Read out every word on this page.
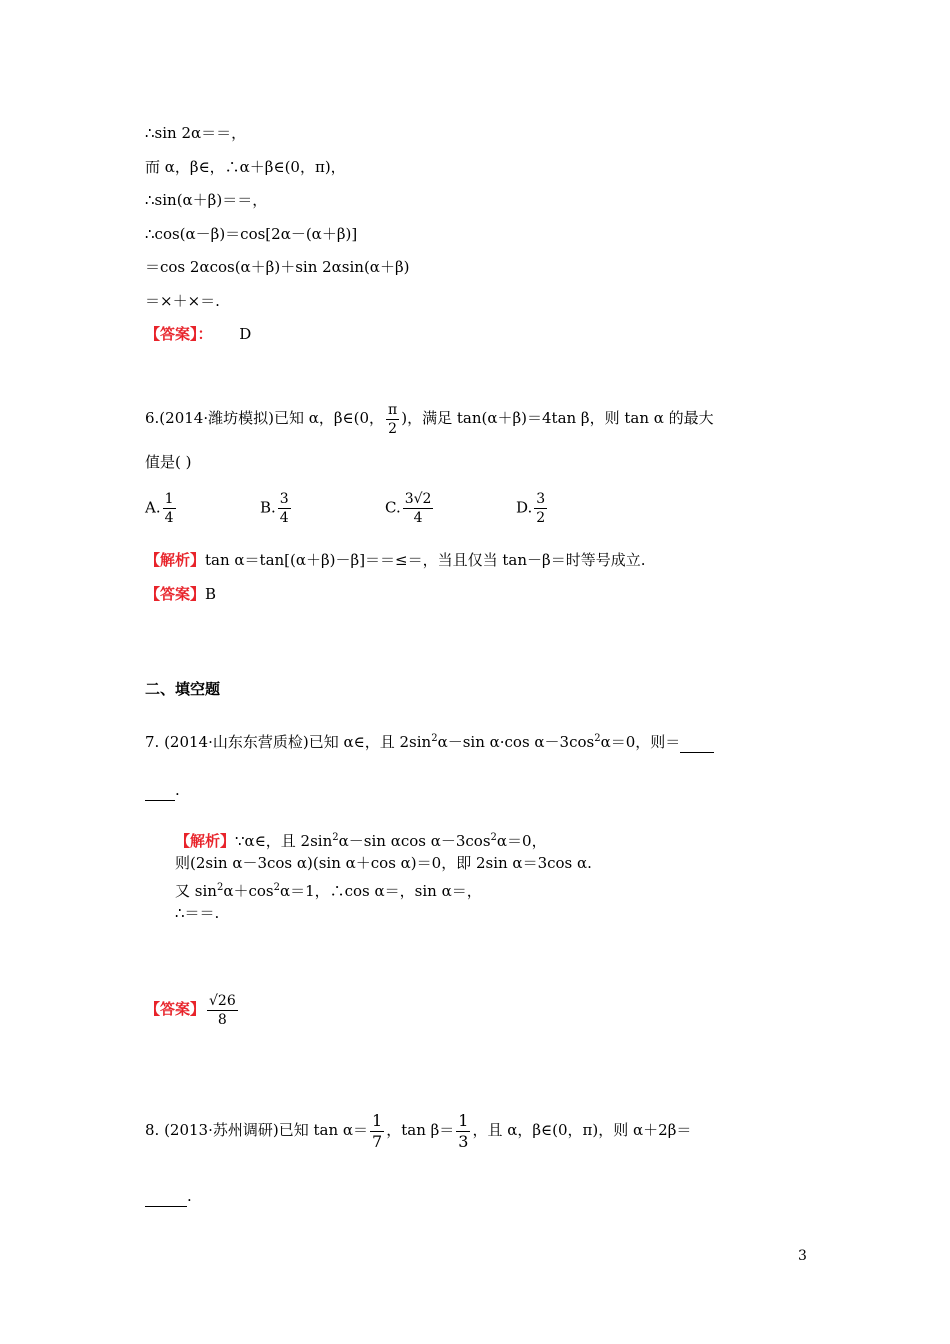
∴sin 2α＝＝，
而 α，β∈，∴α＋β∈(0，π)，
∴sin(α＋β)＝＝，
∴cos(α－β)＝cos[2α－(α＋β)]
＝cos 2αcos(α＋β)＋sin 2αsin(α＋β)
＝×＋×＝.
【答案】： D
6.(2014·潍坊模拟)已知 α，β∈(0， $\frac{\pi}{2}$ )，满足 tan(α＋β)＝4tan β，则 tan α 的最大
值是( )
A. $\frac{1}{4}$	B. $\frac{3}{4}$	C. $\frac{3√2}{4}$	D. $\frac{3}{2}$
【解析】tan α＝tan[(α＋β)－β]＝＝≤＝，当且仅当 tan－β＝时等号成立.
【答案】B
二、填空题
7. (2014·山东东营质检)已知 α∈，且 $2\sin^2\alpha-\sin$ α·cos $\alpha-3\cos^2\alpha=0$，则＝
.
【解析】∵α∈，且 $2\sin^2\alpha-\sin$ αcos $\alpha-3\cos^2\alpha=0$，
则(2sin α－3cos α)(sin α＋cos α)＝0，即 2sin α＝3cos α.
又 $\sin^2\alpha+\cos^2\alpha=1$，∴cos α＝，sin α＝，
∴＝＝.
【答案】 $\frac{√26}{8}$
8. (2013·苏州调研)已知 $\tan \alpha= \frac{1}{7}$ ，$\tan \beta= \frac{1}{3}$ ，且 α，β∈(0，π)，则 α＋2β＝
.
3
